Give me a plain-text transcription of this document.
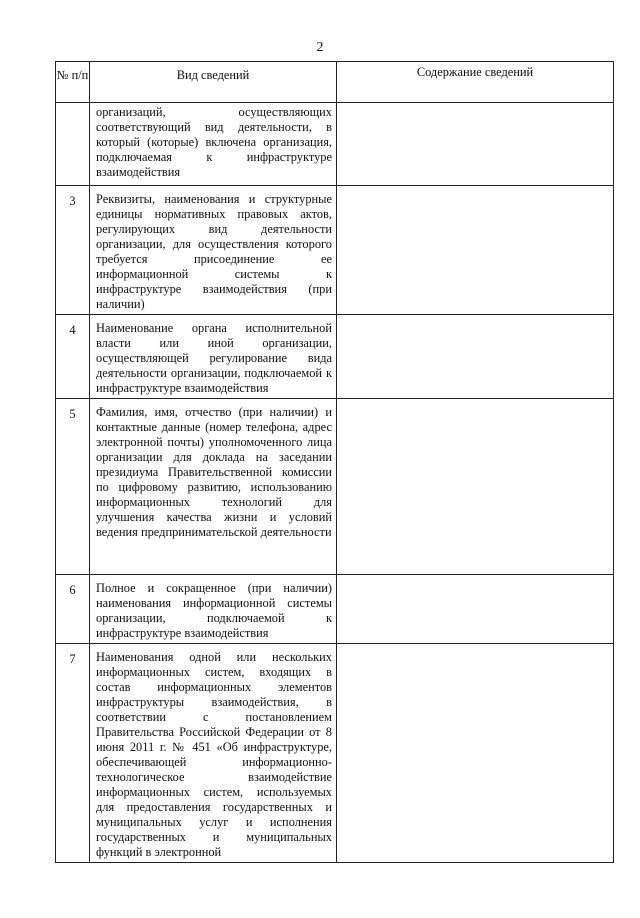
2
№ п/п	Вид сведений	Содержание сведений
	организаций, осуществляющих соответствующий вид деятельности, в который (которые) включена организация, подключаемая к инфраструктуре взаимодействия	
3	Реквизиты, наименования и структурные единицы нормативных правовых актов, регулирующих вид деятельности организации, для осуществления которого требуется присоединение ее информационной системы к инфраструктуре взаимодействия (при наличии)	
4	Наименование органа исполнительной власти или иной организации, осуществляющей регулирование вида деятельности организации, подключаемой к инфраструктуре взаимодействия	
5	Фамилия, имя, отчество (при наличии) и контактные данные (номер телефона, адрес электронной почты) уполномоченного лица организации для доклада на заседании президиума Правительственной комиссии по цифровому развитию, использованию информационных технологий для улучшения качества жизни и условий ведения предпринимательской деятельности	
6	Полное и сокращенное (при наличии) наименования информационной системы организации, подключаемой к инфраструктуре взаимодействия	
7	Наименования одной или нескольких информационных систем, входящих в состав информационных элементов инфраструктуры взаимодействия, в соответствии с постановлением Правительства Российской Федерации от 8 июня 2011 г. № 451 «Об инфраструктуре, обеспечивающей информационно-технологическое взаимодействие информационных систем, используемых для предоставления государственных и муниципальных услуг и исполнения государственных и муниципальных функций в электронной	
